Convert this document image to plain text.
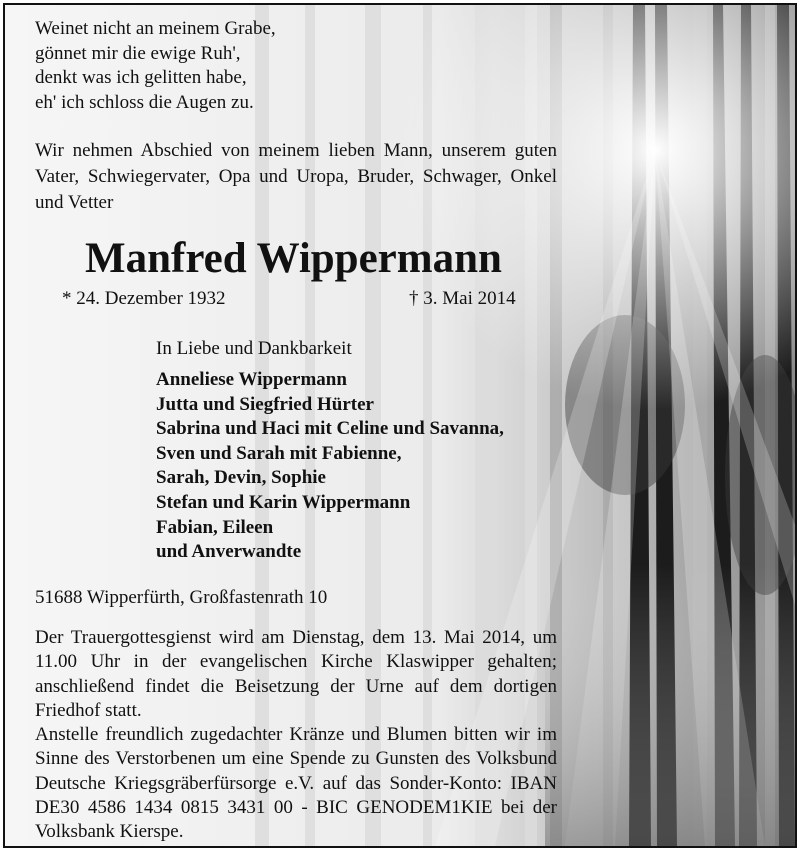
Weinet nicht an meinem Grabe,
gönnet mir die ewige Ruh',
denkt was ich gelitten habe,
eh' ich schloss die Augen zu.
Wir nehmen Abschied von meinem lieben Mann, unserem guten Vater, Schwiegervater, Opa und Uropa, Bruder, Schwager, Onkel und Vetter
Manfred Wippermann
* 24. Dezember 1932	† 3. Mai 2014
In Liebe und Dankbarkeit
Anneliese Wippermann
Jutta und Siegfried Hürter
Sabrina und Haci mit Celine und Savanna,
Sven und Sarah mit Fabienne,
Sarah, Devin, Sophie
Stefan und Karin Wippermann
Fabian, Eileen
und Anverwandte
51688 Wipperfürth, Großfastenrath 10

Der Trauergottesgienst wird am Dienstag, dem 13. Mai 2014, um 11.00 Uhr in der evangelischen Kirche Klaswipper gehalten; anschließend findet die Beisetzung der Urne auf dem dortigen Friedhof statt.

Anstelle freundlich zugedachter Kränze und Blumen bitten wir im Sinne des Verstorbenen um eine Spende zu Gunsten des Volksbund Deutsche Kriegsgräberfürsorge e.V. auf das Sonder-Konto: IBAN DE30 4586 1434 0815 3431 00 - BIC GENODEM1KIE bei der Volksbank Kierspe.
